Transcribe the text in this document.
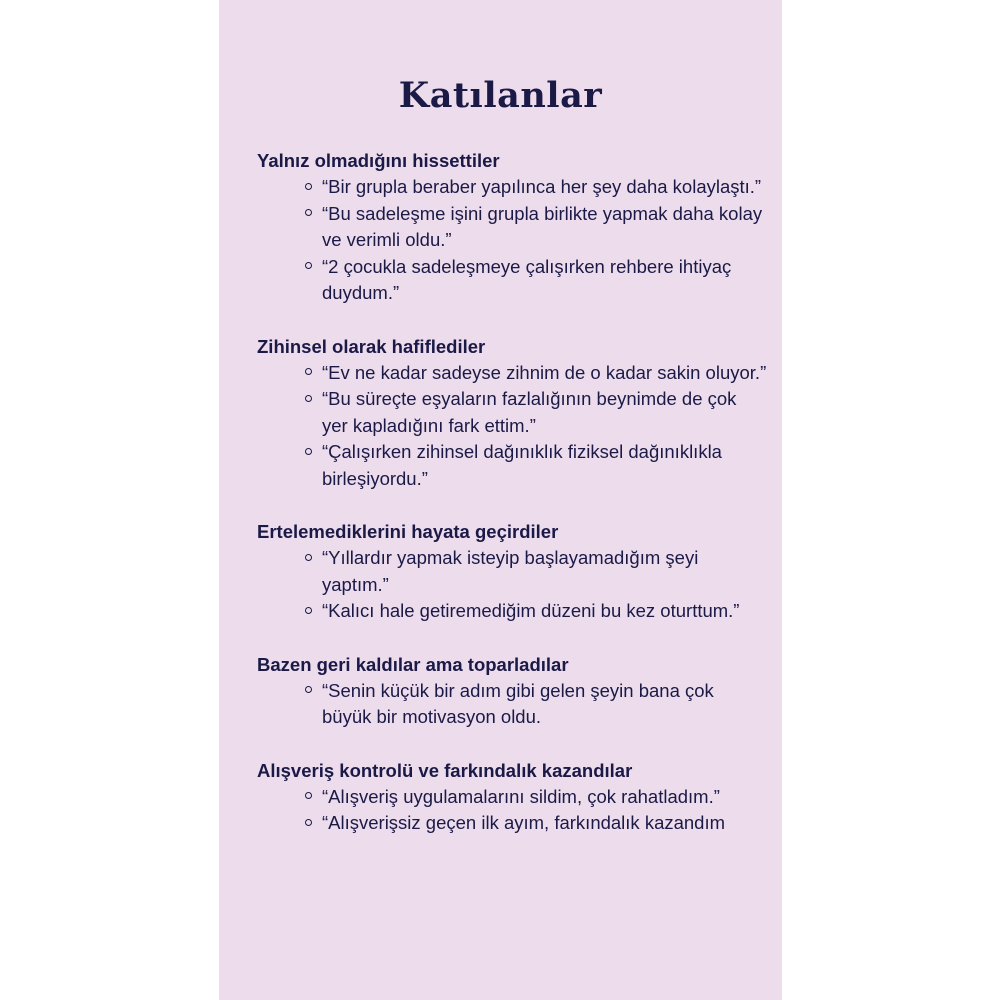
Katılanlar

Yalnız olmadığını hissettiler

“Bir grupla beraber yapılınca her şey daha kolaylaştı.”
“Bu sadeleşme işini grupla birlikte yapmak daha kolay ve verimli oldu.”
“2 çocukla sadeleşmeye çalışırken rehbere ihtiyaç duydum.”

Zihinsel olarak hafiflediler

“Ev ne kadar sadeyse zihnim de o kadar sakin oluyor.”
“Bu süreçte eşyaların fazlalığının beynimde de çok yer kapladığını fark ettim.”
“Çalışırken zihinsel dağınıklık fiziksel dağınıklıkla birleşiyordu.”

Ertelemediklerini hayata geçirdiler

“Yıllardır yapmak isteyip başlayamadığım şeyi yaptım.”
“Kalıcı hale getiremediğim düzeni bu kez oturttum.”

Bazen geri kaldılar ama toparladılar

“Senin küçük bir adım gibi gelen şeyin bana çok büyük bir motivasyon oldu.

Alışveriş kontrolü ve farkındalık kazandılar

“Alışveriş uygulamalarını sildim, çok rahatladım.”
“Alışverişsiz geçen ilk ayım, farkındalık kazandım
